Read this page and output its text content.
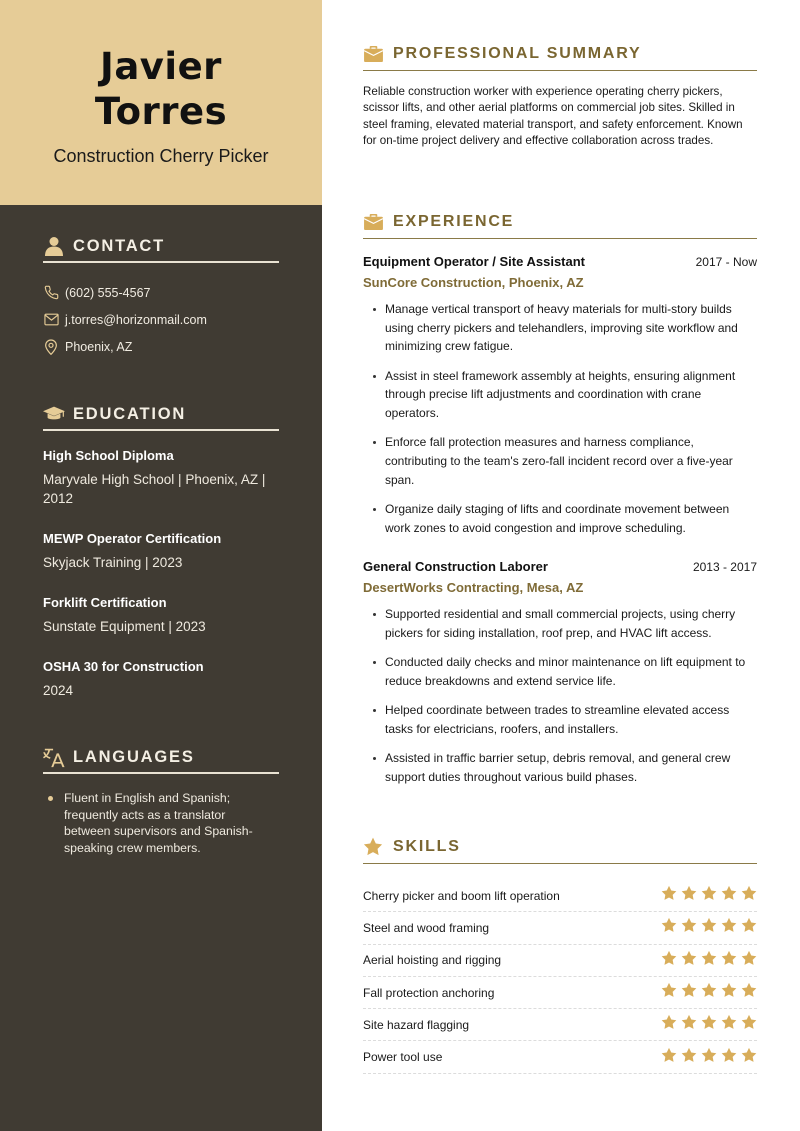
Javier
Torres
Construction Cherry Picker
CONTACT
(602) 555-4567
j.torres@horizonmail.com
Phoenix, AZ
EDUCATION
High School Diploma
Maryvale High School | Phoenix, AZ | 2012
MEWP Operator Certification
Skyjack Training | 2023
Forklift Certification
Sunstate Equipment | 2023
OSHA 30 for Construction
2024
LANGUAGES
Fluent in English and Spanish; frequently acts as a translator between supervisors and Spanish-speaking crew members.
PROFESSIONAL SUMMARY

Reliable construction worker with experience operating cherry pickers, scissor lifts, and other aerial platforms on commercial job sites. Skilled in steel framing, elevated material transport, and safety enforcement. Known for on-time project delivery and effective collaboration across trades.

EXPERIENCE
Equipment Operator / Site Assistant	2017 - Now
SunCore Construction, Phoenix, AZ
Manage vertical transport of heavy materials for multi-story builds using cherry pickers and telehandlers, improving site workflow and minimizing crew fatigue.
Assist in steel framework assembly at heights, ensuring alignment through precise lift adjustments and coordination with crane operators.
Enforce fall protection measures and harness compliance, contributing to the team's zero-fall incident record over a five-year span.
Organize daily staging of lifts and coordinate movement between work zones to avoid congestion and improve scheduling.
General Construction Laborer	2013 - 2017
DesertWorks Contracting, Mesa, AZ
Supported residential and small commercial projects, using cherry pickers for siding installation, roof prep, and HVAC lift access.
Conducted daily checks and minor maintenance on lift equipment to reduce breakdowns and extend service life.
Helped coordinate between trades to streamline elevated access tasks for electricians, roofers, and installers.
Assisted in traffic barrier setup, debris removal, and general crew support duties throughout various build phases.
SKILLS
Cherry picker and boom lift operation
Steel and wood framing
Aerial hoisting and rigging
Fall protection anchoring
Site hazard flagging
Power tool use
